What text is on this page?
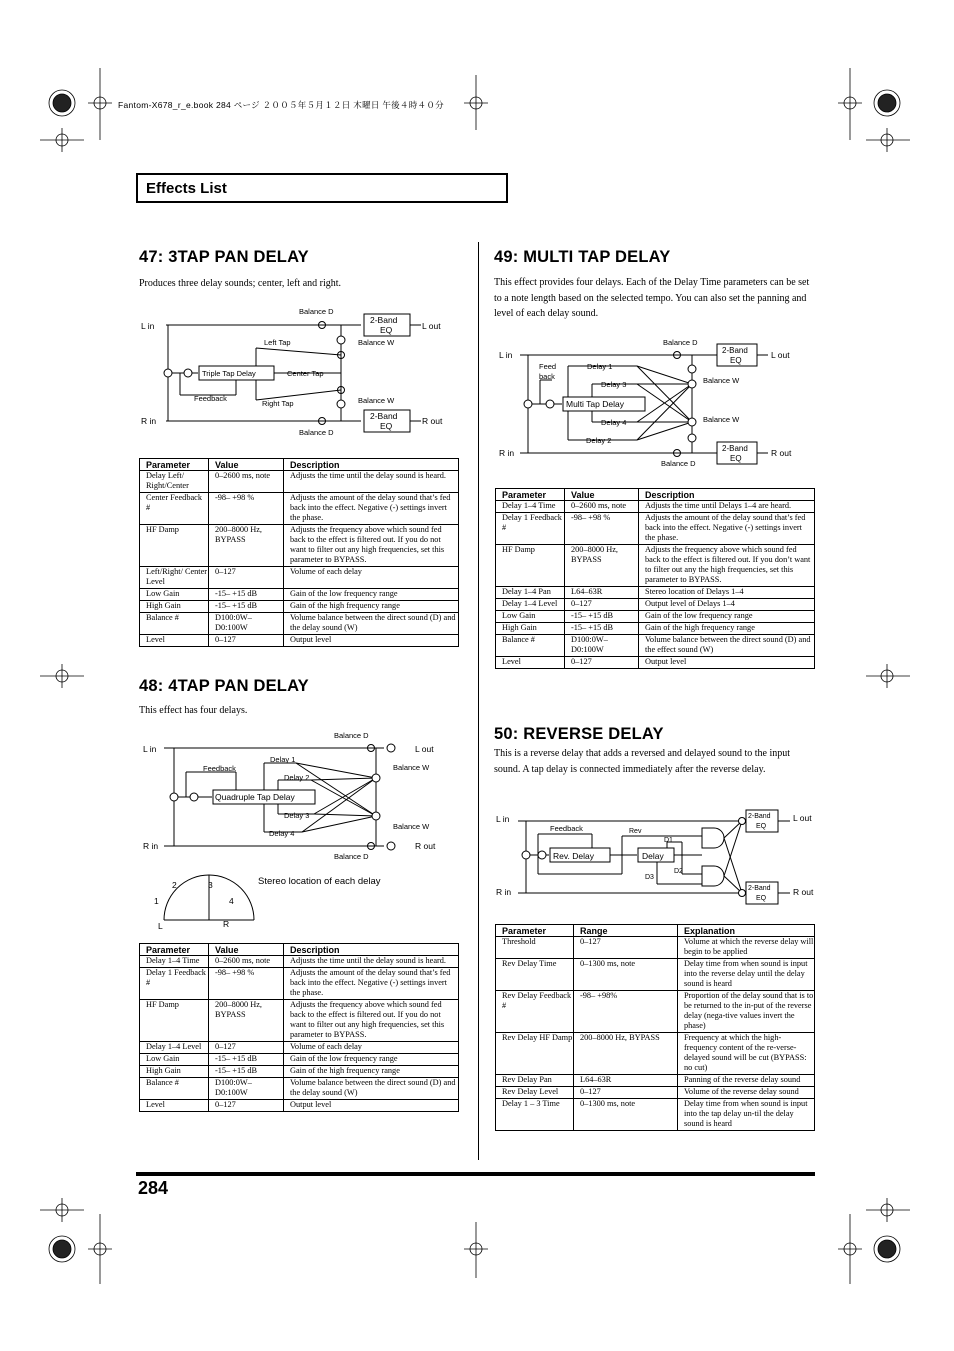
Fantom-X678_r_e.book 284 ページ ２００５年５月１２日 木曜日 午後４時４０分
Effects List
47: 3TAP PAN DELAY
Produces three delay sounds; center, left and right.
L in
R in
L out
R out
Balance D
Balance D
Balance W
Balance W
2-Band
EQ
2-Band
EQ
Left Tap
Center Tap
Right Tap
Triple Tap Delay
Feedback
Parameter	Value	Description
Delay Left/ Right/Center	0–2600 ms, note	Adjusts the time until the delay sound is heard.
Center Feedback #	-98– +98 %	Adjusts the amount of the delay sound that’s fed back into the effect. Negative (-) settings invert the phase.
HF Damp	200–8000 Hz, BYPASS	Adjusts the frequency above which sound fed back to the effect is filtered out. If you do not want to filter out any high frequencies, set this parameter to BYPASS.
Left/Right/ Center Level	0–127	Volume of each delay
Low Gain	-15– +15 dB	Gain of the low frequency range
High Gain	-15– +15 dB	Gain of the high frequency range
Balance #	D100:0W– D0:100W	Volume balance between the direct sound (D) and the delay sound (W)
Level	0–127	Output level
48: 4TAP PAN DELAY
This effect has four delays.
L in
R in
L out
R out
Balance D
Balance D
Balance W
Balance W
Quadruple Tap Delay
Feedback
Delay 1
Delay 2
Delay 3
Delay 4
Stereo location of each delay
2	3
1	4
L	R
Parameter	Value	Description
Delay 1–4 Time	0–2600 ms, note	Adjusts the time until the delay sound is heard.
Delay 1 Feedback #	-98– +98 %	Adjusts the amount of the delay sound that’s fed back into the effect. Negative (-) settings invert the phase.
HF Damp	200–8000 Hz, BYPASS	Adjusts the frequency above which sound fed back to the effect is filtered out. If you do not want to filter out any high frequencies, set this parameter to BYPASS.
Delay 1–4 Level	0–127	Volume of each delay
Low Gain	-15– +15 dB	Gain of the low frequency range
High Gain	-15– +15 dB	Gain of the high frequency range
Balance #	D100:0W– D0:100W	Volume balance between the direct sound (D) and the delay sound (W)
Level	0–127	Output level
49: MULTI TAP DELAY
This effect provides four delays. Each of the Delay Time parameters can be set to a note length based on the selected tempo. You can also set the panning and level of each delay sound.
L in
R in
L out
R out
Balance D
Balance D
Balance W
Balance W
2-Band
EQ
2-Band
EQ
Multi Tap Delay
Feed
back
Delay 1
Delay 3
Delay 4
Delay 2
Parameter	Value	Description
Delay 1–4 Time	0–2600 ms, note	Adjusts the time until Delays 1–4 are heard.
Delay 1 Feedback #	-98– +98 %	Adjusts the amount of the delay sound that’s fed back into the effect. Negative (-) settings invert the phase.
HF Damp	200–8000 Hz, BYPASS	Adjusts the frequency above which sound fed back to the effect is filtered out. If you don’t want to filter out any the high frequencies, set this parameter to BYPASS.
Delay 1–4 Pan	L64–63R	Stereo location of Delays 1–4
Delay 1–4 Level	0–127	Output level of Delays 1–4
Low Gain	-15– +15 dB	Gain of the low frequency range
High Gain	-15– +15 dB	Gain of the high frequency range
Balance #	D100:0W– D0:100W	Volume balance between the direct sound (D) and the effect sound (W)
Level	0–127	Output level
50: REVERSE DELAY
This is a reverse delay that adds a reversed and delayed sound to the input sound. A tap delay is connected immediately after the reverse delay.
L in
R in
L out
R out
2-Band
EQ
2-Band
EQ
Feedback	Rev
Rev. Delay	Delay
D1
D2
D3
Parameter	Range	Explanation
Threshold	0–127	Volume at which the reverse delay will begin to be applied
Rev Delay Time	0–1300 ms, note	Delay time from when sound is input into the reverse delay until the delay sound is heard
Rev Delay Feedback #	-98– +98%	Proportion of the delay sound that is to be returned to the in-put of the reverse delay (nega-tive values invert the phase)
Rev Delay HF Damp	200–8000 Hz, BYPASS	Frequency at which the high-frequency content of the re-verse-delayed sound will be cut (BYPASS: no cut)
Rev Delay Pan	L64–63R	Panning of the reverse delay sound
Rev Delay Level	0–127	Volume of the reverse delay sound
Delay 1 – 3 Time	0–1300 ms, note	Delay time from when sound is input into the tap delay un-til the delay sound is heard
284
